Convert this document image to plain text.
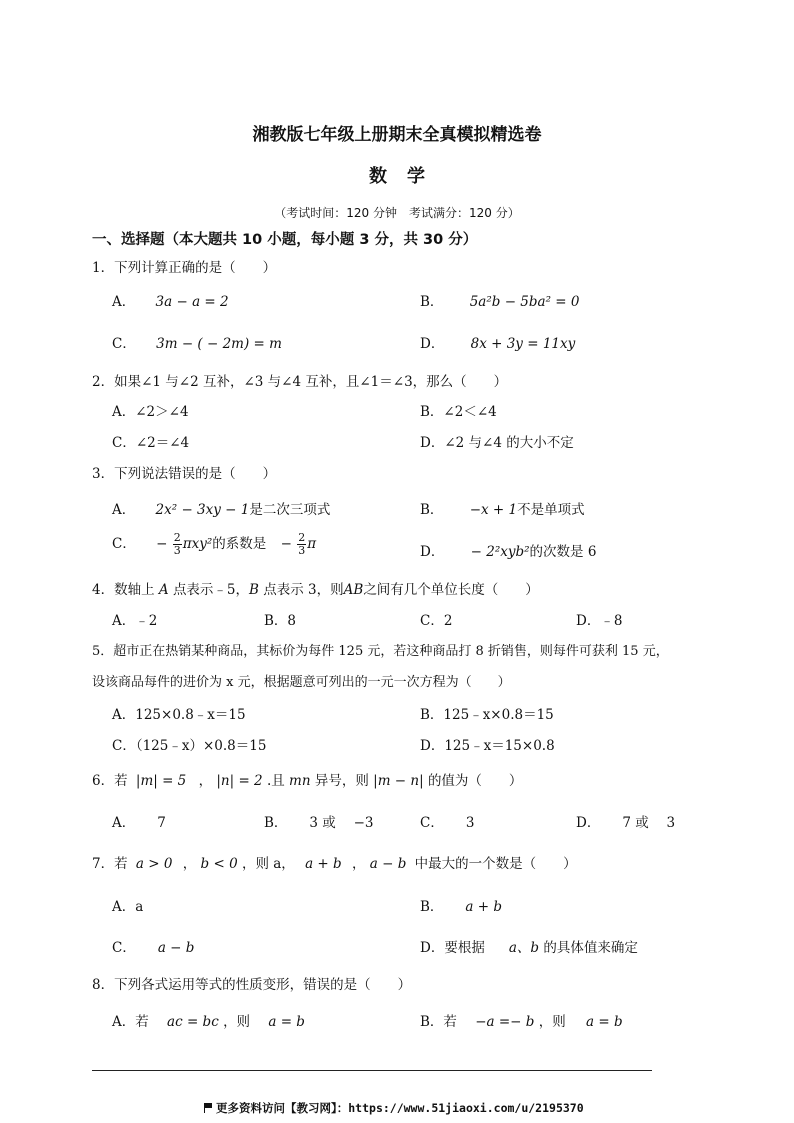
湘教版七年级上册期末全真模拟精选卷
数学
（考试时间：120 分钟　考试满分：120 分）
一、选择题（本大题共 10 小题，每小题 3 分，共 30 分）
1．下列计算正确的是（　　）
A． 3a − a = 2	B． 5a²b − 5ba² = 0
C． 3m − ( − 2m) = m	D． 8x + 3y = 11xy
2．如果∠1 与∠2 互补，∠3 与∠4 互补，且∠1＝∠3，那么（　　）
A．∠2＞∠4	B．∠2＜∠4
C．∠2＝∠4	D．∠2 与∠4 的大小不定
3．下列说法错误的是（　　）
A． 2x² − 3xy − 1是二次三项式	B． −x + 1不是单项式
C． − $\frac{2}{3} \pi xy^2$的系数是 − $\frac{2}{3}$ π	D． − 2²xyb²的次数是 6
4．数轴上 A 点表示﹣5，B 点表示 3，则AB之间有几个单位长度（　　）
A．﹣2	B．8	C．2	D．﹣8
5．超市正在热销某种商品，其标价为每件 125 元，若这种商品打 8 折销售，则每件可获利 15 元，
设该商品每件的进价为 x 元，根据题意可列出的一元一次方程为（　　）
A．125×0.8﹣x＝15	B．125﹣x×0.8＝15
C．（125﹣x）×0.8＝15	D．125﹣x＝15×0.8
6．若 |m| = 5 ， |n| = 2 .且 mn 异号，则 |m − n| 的值为（　　）
A． 7	B． 3 或　 −3	C． 3	D． 7 或　 3
7．若 a > 0 ， b < 0 ，则 a， a + b ， a − b 中最大的一个数是（　　）
A．a	B． a + b
C． a − b	D．要根据 a、b 的具体值来确定
8．下列各式运用等式的性质变形，错误的是（　　）
A．若 ac = bc ，则 a = b	B．若 −a =− b ，则 a = b
更多资料访问【教习网】：https://www.51jiaoxi.com/u/2195370
